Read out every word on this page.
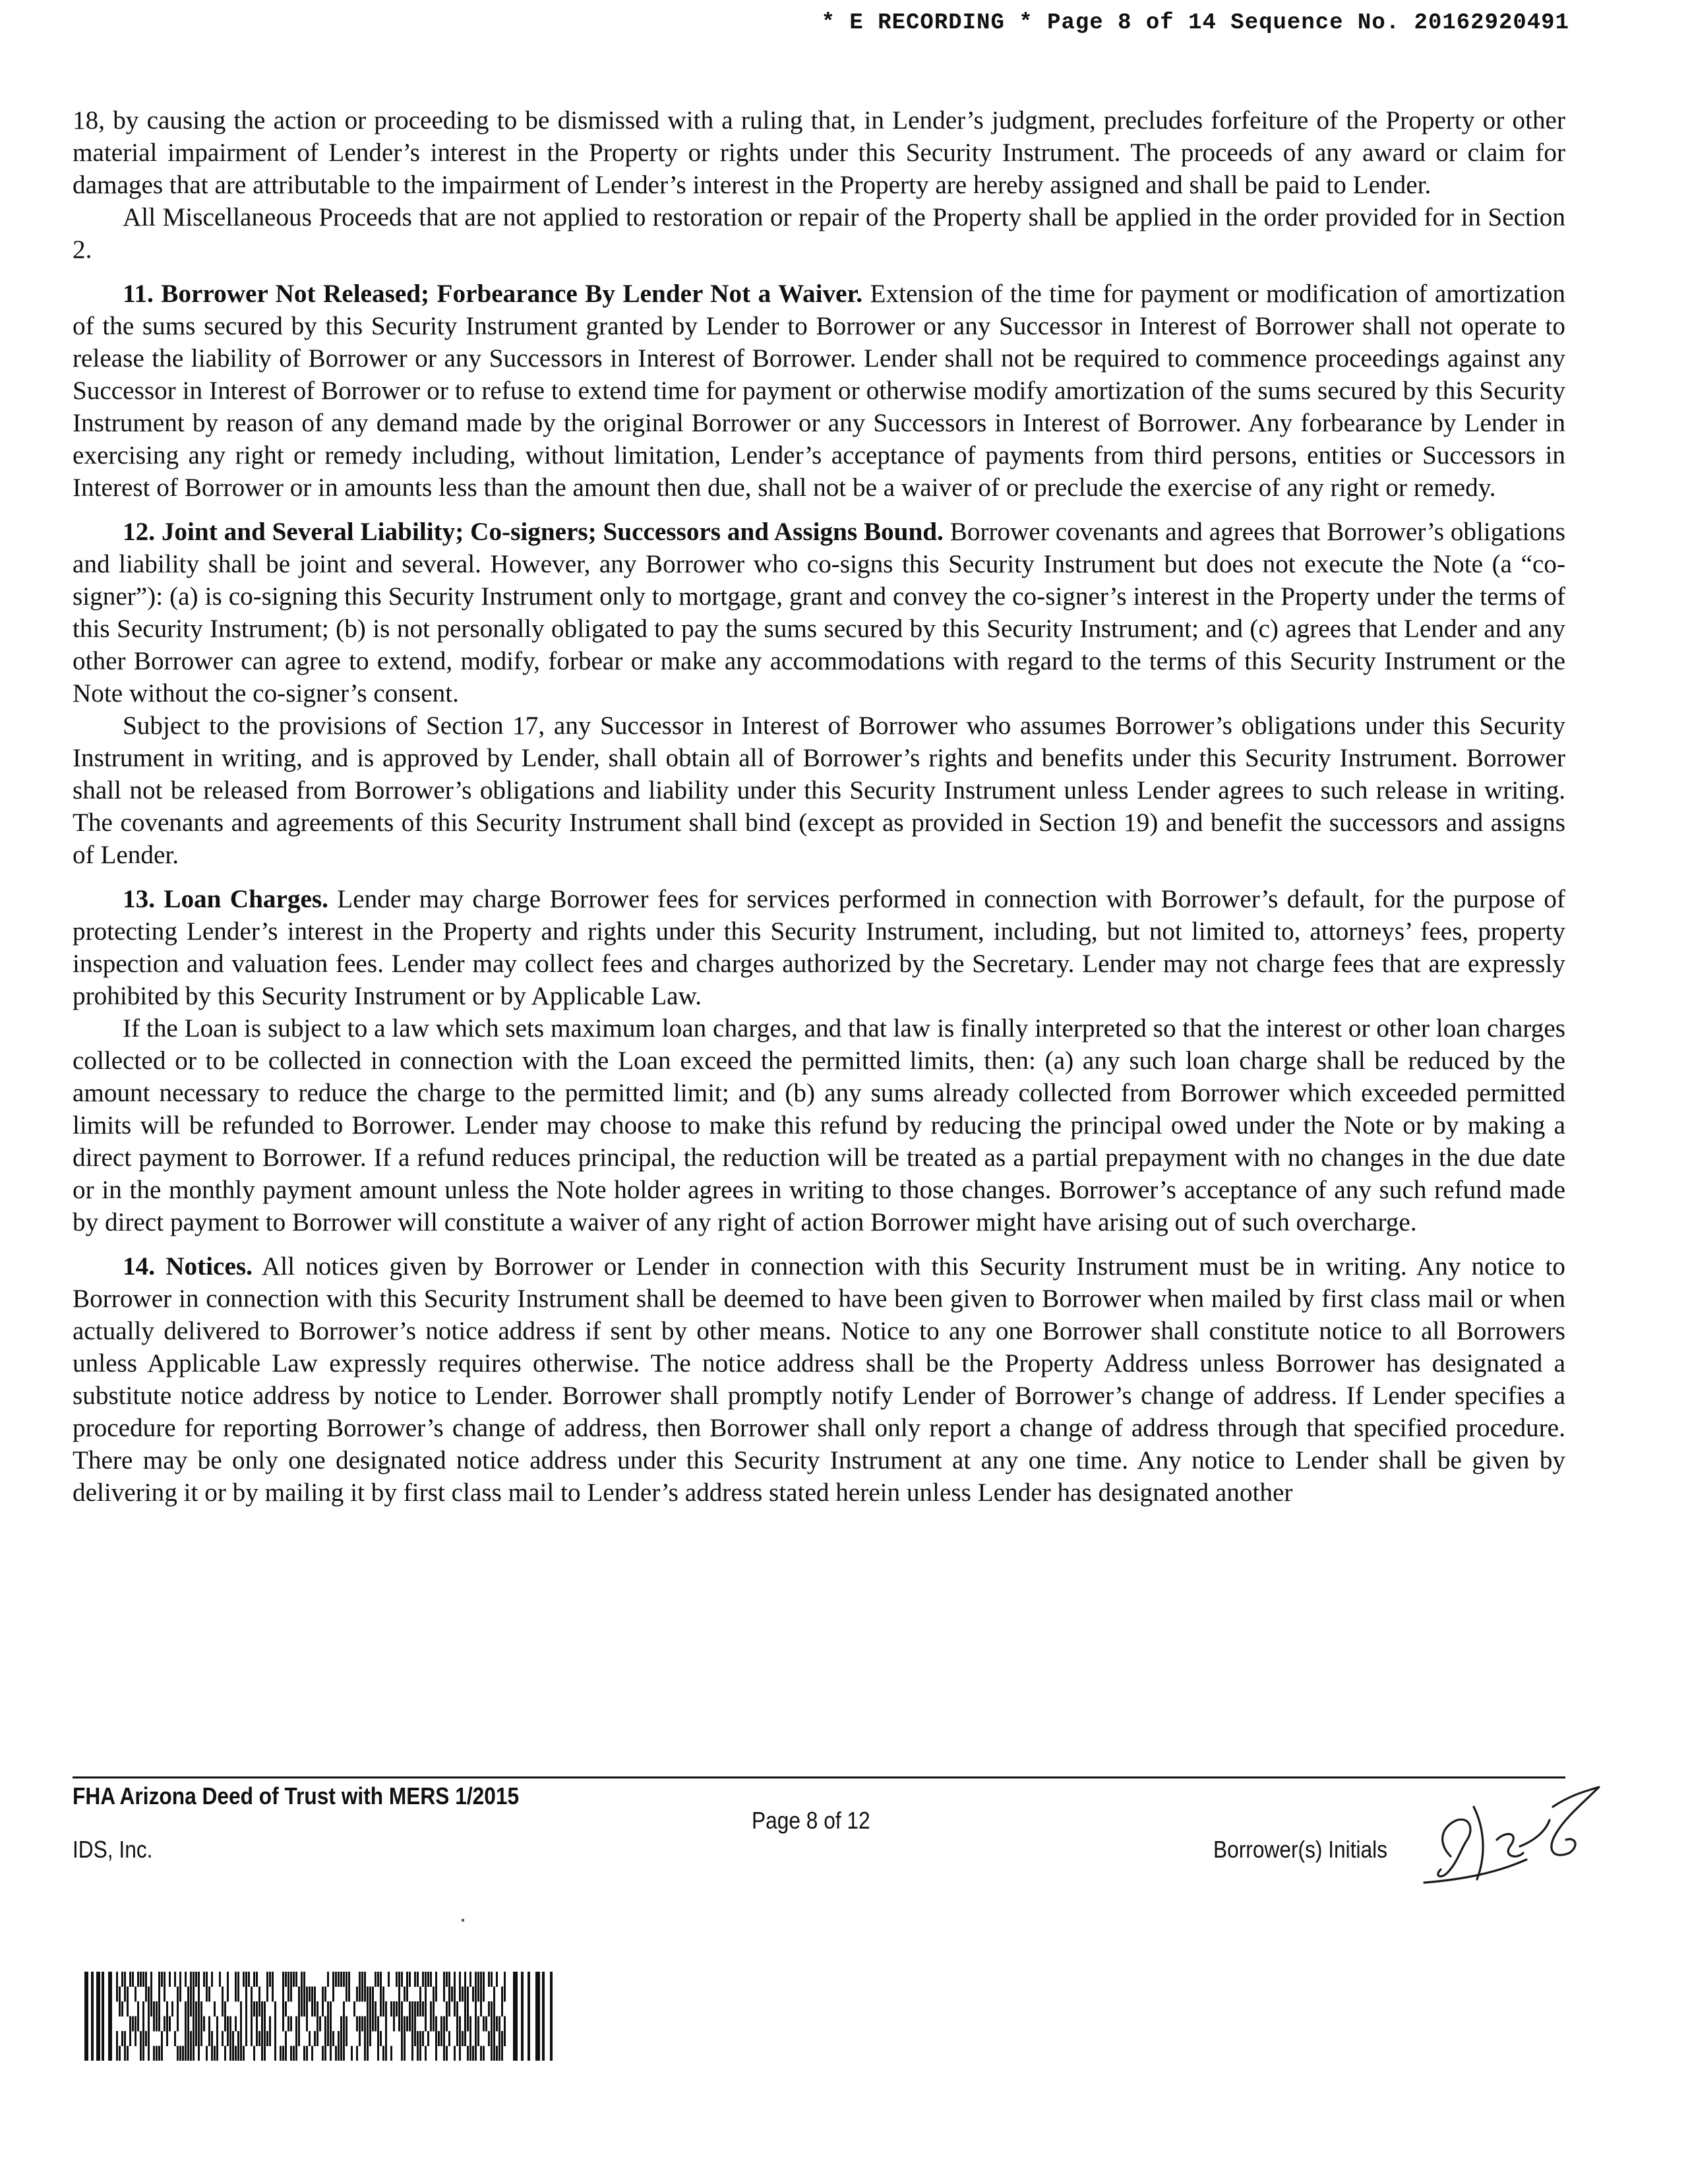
* E RECORDING * Page 8 of 14 Sequence No. 20162920491

18, by causing the action or proceeding to be dismissed with a ruling that, in Lender’s judgment, precludes forfeiture of the Property or other material impairment of Lender’s interest in the Property or rights under this Security Instrument. The proceeds of any award or claim for damages that are attributable to the impairment of Lender’s interest in the Property are hereby assigned and shall be paid to Lender.

All Miscellaneous Proceeds that are not applied to restoration or repair of the Property shall be applied in the order provided for in Section 2.

11. Borrower Not Released; Forbearance By Lender Not a Waiver. Extension of the time for payment or modification of amortization of the sums secured by this Security Instrument granted by Lender to Borrower or any Successor in Interest of Borrower shall not operate to release the liability of Borrower or any Successors in Interest of Borrower. Lender shall not be required to commence proceedings against any Successor in Interest of Borrower or to refuse to extend time for payment or otherwise modify amortization of the sums secured by this Security Instrument by reason of any demand made by the original Borrower or any Successors in Interest of Borrower. Any forbearance by Lender in exercising any right or remedy including, without limitation, Lender’s acceptance of payments from third persons, entities or Successors in Interest of Borrower or in amounts less than the amount then due, shall not be a waiver of or preclude the exercise of any right or remedy.

12. Joint and Several Liability; Co-signers; Successors and Assigns Bound. Borrower covenants and agrees that Borrower’s obligations and liability shall be joint and several. However, any Borrower who co-signs this Security Instrument but does not execute the Note (a “co-signer”): (a) is co-signing this Security Instrument only to mortgage, grant and convey the co-signer’s interest in the Property under the terms of this Security Instrument; (b) is not personally obligated to pay the sums secured by this Security Instrument; and (c) agrees that Lender and any other Borrower can agree to extend, modify, forbear or make any accommodations with regard to the terms of this Security Instrument or the Note without the co-signer’s consent.

Subject to the provisions of Section 17, any Successor in Interest of Borrower who assumes Borrower’s obligations under this Security Instrument in writing, and is approved by Lender, shall obtain all of Borrower’s rights and benefits under this Security Instrument. Borrower shall not be released from Borrower’s obligations and liability under this Security Instrument unless Lender agrees to such release in writing. The covenants and agreements of this Security Instrument shall bind (except as provided in Section 19) and benefit the successors and assigns of Lender.

13. Loan Charges. Lender may charge Borrower fees for services performed in connection with Borrower’s default, for the purpose of protecting Lender’s interest in the Property and rights under this Security Instrument, including, but not limited to, attorneys’ fees, property inspection and valuation fees. Lender may collect fees and charges authorized by the Secretary. Lender may not charge fees that are expressly prohibited by this Security Instrument or by Applicable Law.

If the Loan is subject to a law which sets maximum loan charges, and that law is finally interpreted so that the interest or other loan charges collected or to be collected in connection with the Loan exceed the permitted limits, then: (a) any such loan charge shall be reduced by the amount necessary to reduce the charge to the permitted limit; and (b) any sums already collected from Borrower which exceeded permitted limits will be refunded to Borrower. Lender may choose to make this refund by reducing the principal owed under the Note or by making a direct payment to Borrower. If a refund reduces principal, the reduction will be treated as a partial prepayment with no changes in the due date or in the monthly payment amount unless the Note holder agrees in writing to those changes. Borrower’s acceptance of any such refund made by direct payment to Borrower will constitute a waiver of any right of action Borrower might have arising out of such overcharge.

14. Notices. All notices given by Borrower or Lender in connection with this Security Instrument must be in writing. Any notice to Borrower in connection with this Security Instrument shall be deemed to have been given to Borrower when mailed by first class mail or when actually delivered to Borrower’s notice address if sent by other means. Notice to any one Borrower shall constitute notice to all Borrowers unless Applicable Law expressly requires otherwise. The notice address shall be the Property Address unless Borrower has designated a substitute notice address by notice to Lender. Borrower shall promptly notify Lender of Borrower’s change of address. If Lender specifies a procedure for reporting Borrower’s change of address, then Borrower shall only report a change of address through that specified procedure. There may be only one designated notice address under this Security Instrument at any one time. Any notice to Lender shall be given by delivering it or by mailing it by first class mail to Lender’s address stated herein unless Lender has designated another

FHA Arizona Deed of Trust with MERS 1/2015
IDS, Inc.
Page 8 of 12
Borrower(s) Initials
